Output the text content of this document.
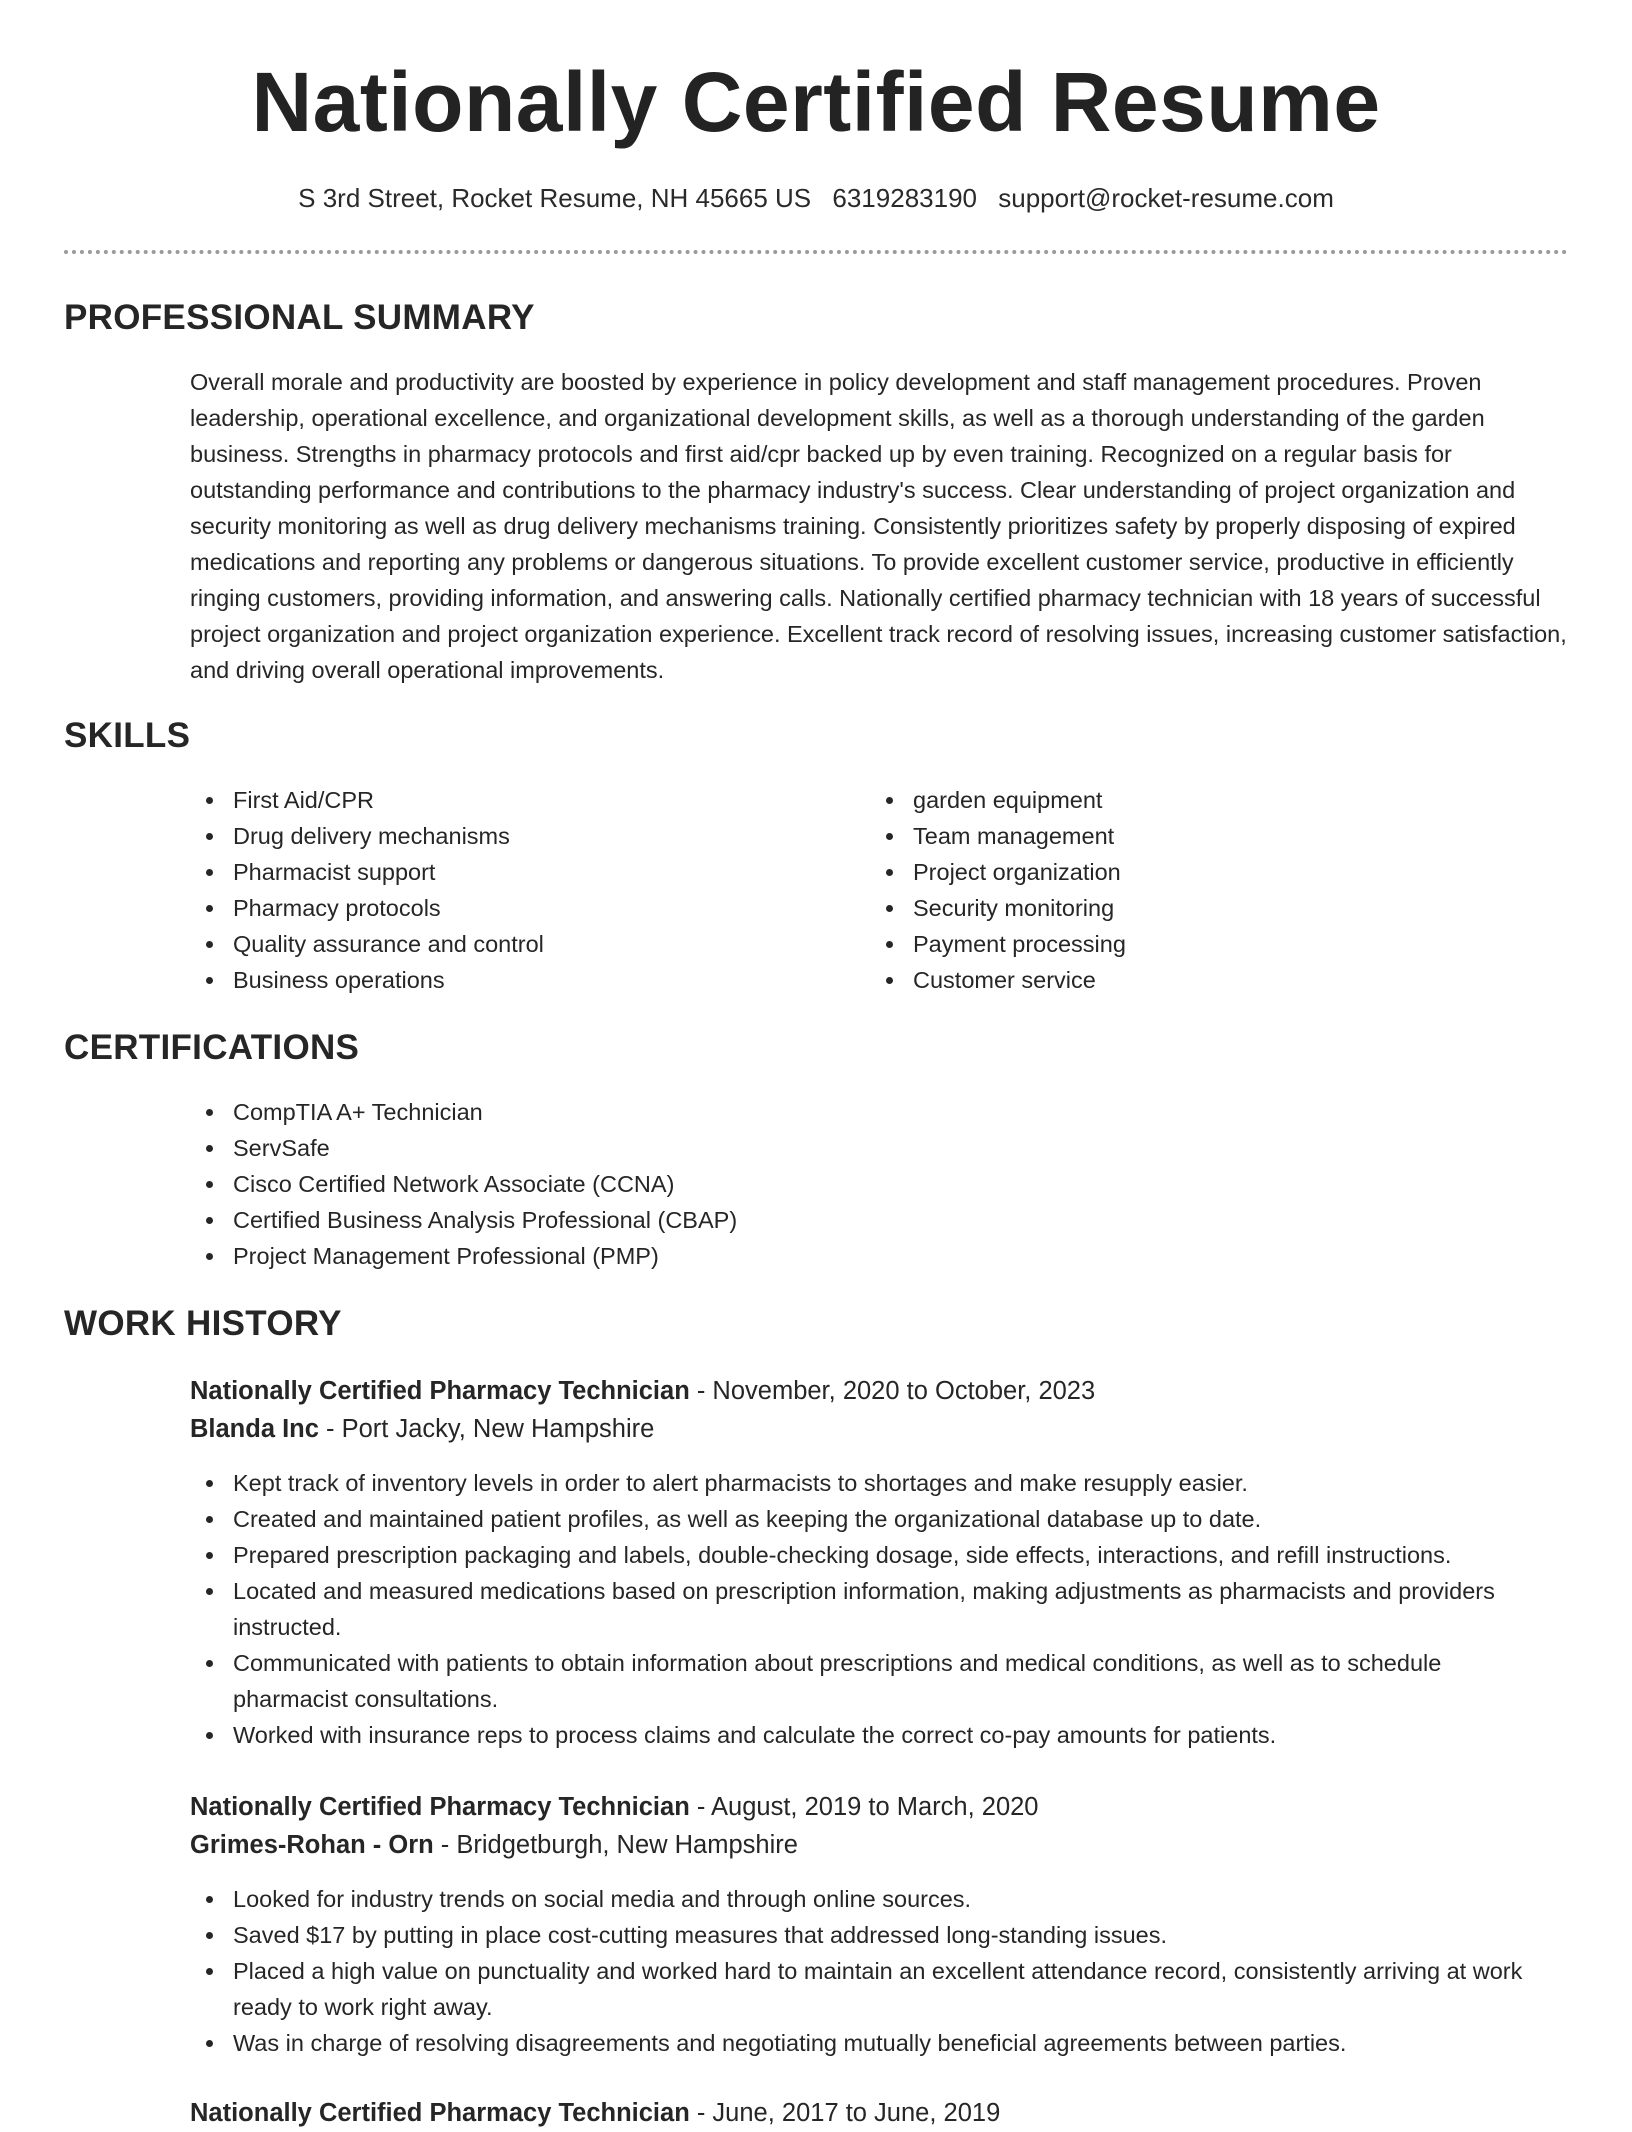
Nationally Certified Resume
S 3rd Street, Rocket Resume, NH 45665 US 6319283190 support@rocket-resume.com
PROFESSIONAL SUMMARY

Overall morale and productivity are boosted by experience in policy development and staff management procedures. Proven leadership, operational excellence, and organizational development skills, as well as a thorough understanding of the garden business. Strengths in pharmacy protocols and first aid/cpr backed up by even training. Recognized on a regular basis for outstanding performance and contributions to the pharmacy industry's success. Clear understanding of project organization and security monitoring as well as drug delivery mechanisms training. Consistently prioritizes safety by properly disposing of expired medications and reporting any problems or dangerous situations. To provide excellent customer service, productive in efficiently ringing customers, providing information, and answering calls. Nationally certified pharmacy technician with 18 years of successful project organization and project organization experience. Excellent track record of resolving issues, increasing customer satisfaction, and driving overall operational improvements.

SKILLS
First Aid/CPR
Drug delivery mechanisms
Pharmacist support
Pharmacy protocols
Quality assurance and control
Business operations
garden equipment
Team management
Project organization
Security monitoring
Payment processing
Customer service
CERTIFICATIONS
CompTIA A+ Technician
ServSafe
Cisco Certified Network Associate (CCNA)
Certified Business Analysis Professional (CBAP)
Project Management Professional (PMP)
WORK HISTORY
Nationally Certified Pharmacy Technician - November, 2020 to October, 2023
Blanda Inc - Port Jacky, New Hampshire
Kept track of inventory levels in order to alert pharmacists to shortages and make resupply easier.
Created and maintained patient profiles, as well as keeping the organizational database up to date.
Prepared prescription packaging and labels, double-checking dosage, side effects, interactions, and refill instructions.
Located and measured medications based on prescription information, making adjustments as pharmacists and providers instructed.
Communicated with patients to obtain information about prescriptions and medical conditions, as well as to schedule pharmacist consultations.
Worked with insurance reps to process claims and calculate the correct co-pay amounts for patients.
Nationally Certified Pharmacy Technician - August, 2019 to March, 2020
Grimes-Rohan - Orn - Bridgetburgh, New Hampshire
Looked for industry trends on social media and through online sources.
Saved $17 by putting in place cost-cutting measures that addressed long-standing issues.
Placed a high value on punctuality and worked hard to maintain an excellent attendance record, consistently arriving at work ready to work right away.
Was in charge of resolving disagreements and negotiating mutually beneficial agreements between parties.
Nationally Certified Pharmacy Technician - June, 2017 to June, 2019
